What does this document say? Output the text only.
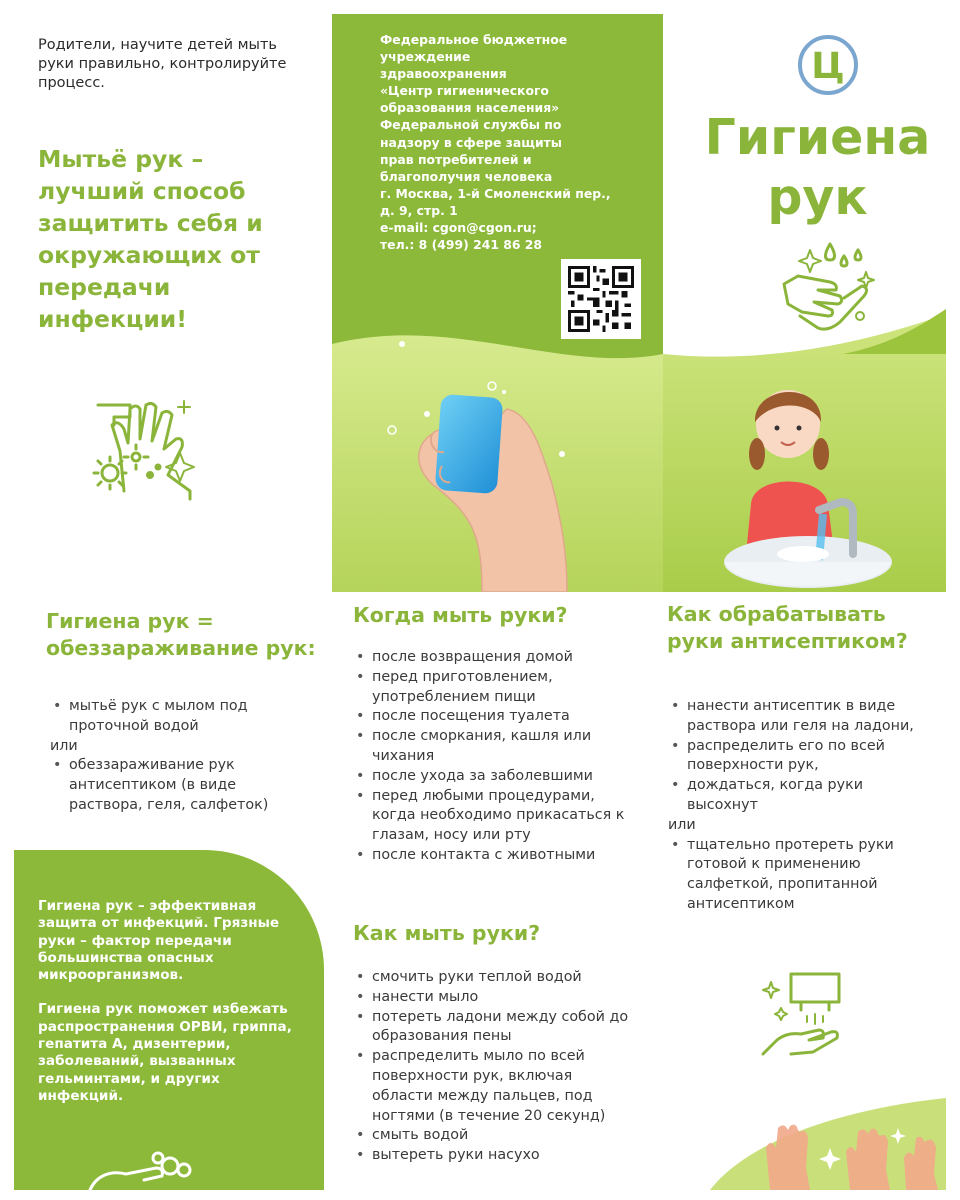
Родители, научите детей мыть руки правильно, контролируйте процесс.
Мытьё рук – лучший способ защитить себя и окружающих от передачи инфекции!
Федеральное бюджетное
учреждение
здравоохранения
«Центр гигиенического
образования населения»
Федеральной службы по
надзору в сфере защиты
прав потребителей и
благополучия человека
г. Москва, 1-й Смоленский пер.,
д. 9, стр. 1
e-mail: cgon@cgon.ru;
тел.: 8 (499) 241 86 28
Ц
Гигиена рук
Гигиена рук = обеззараживание рук:
• мытьё рук с мылом под проточной водой
или
• обеззараживание рук антисептиком (в виде раствора, геля, салфеток)

Гигиена рук – эффективная защита от инфекций. Грязные руки – фактор передачи большинства опасных микроорганизмов.

Гигиена рук поможет избежать распространения ОРВИ, гриппа, гепатита А, дизентерии, заболеваний, вызванных гельминтами, и других инфекций.

Когда мыть руки?
• после возвращения домой
• перед приготовлением, употреблением пищи
• после посещения туалета
• после сморкания, кашля или чихания
• после ухода за заболевшими
• перед любыми процедурами, когда необходимо прикасаться к глазам, носу или рту
• после контакта с животными
Как мыть руки?
• смочить руки теплой водой
• нанести мыло
• потереть ладони между собой до образования пены
• распределить мыло по всей поверхности рук, включая области между пальцев, под ногтями (в течение 20 секунд)
• смыть водой
• вытереть руки насухо
Как обрабатывать руки антисептиком?
• нанести антисептик в виде раствора или геля на ладони,
• распределить его по всей поверхности рук,
• дождаться, когда руки высохнут
или
• тщательно протереть руки готовой к применению салфеткой, пропитанной антисептиком
